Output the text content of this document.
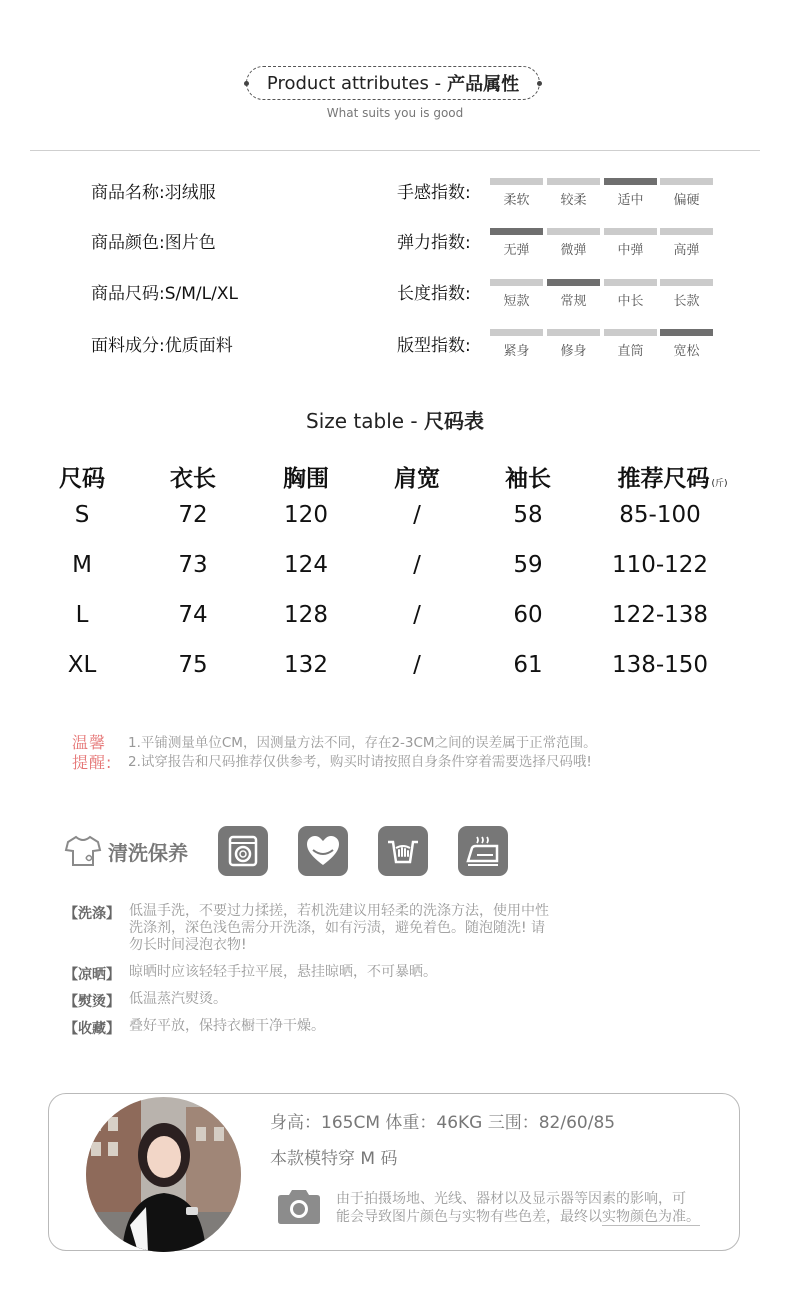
Product attributes - 产品属性
What suits you is good
商品名称:羽绒服
商品颜色:图片色
商品尺码:S/M/L/XL
面料成分:优质面料
手感指数:	柔软	较柔	适中	偏硬
弹力指数:	无弹	微弹	中弹	高弹
长度指数:	短款	常规	中长	长款
版型指数:	紧身	修身	直筒	宽松
Size table - 尺码表
尺码	衣长	胸围	肩宽	袖长	推荐尺码 (斤)
S	72	120	/	58	85-100
M	73	124	/	59	110-122
L	74	128	/	60	122-138
XL	75	132	/	61	138-150
温馨
提醒:
1.平铺测量单位CM，因测量方法不同，存在2-3CM之间的误差属于正常范围。
2.试穿报告和尺码推荐仅供参考，购买时请按照自身条件穿着需要选择尺码哦!
清洗保养
【洗涤】 低温手洗，不要过力揉搓，若机洗建议用轻柔的洗涤方法，使用中性洗涤剂，深色浅色需分开洗涤，如有污渍，避免着色。随泡随洗! 请勿长时间浸泡衣物!
【凉晒】 晾晒时应该轻轻手拉平展，悬挂晾晒，不可暴晒。
【熨烫】 低温蒸汽熨烫。
【收藏】 叠好平放，保持衣橱干净干燥。
身高：165CM 体重：46KG 三围：82/60/85
本款模特穿 M 码
由于拍摄场地、光线、器材以及显示器等因素的影响，可
能会导致图片颜色与实物有些色差，最终以实物颜色为准。
